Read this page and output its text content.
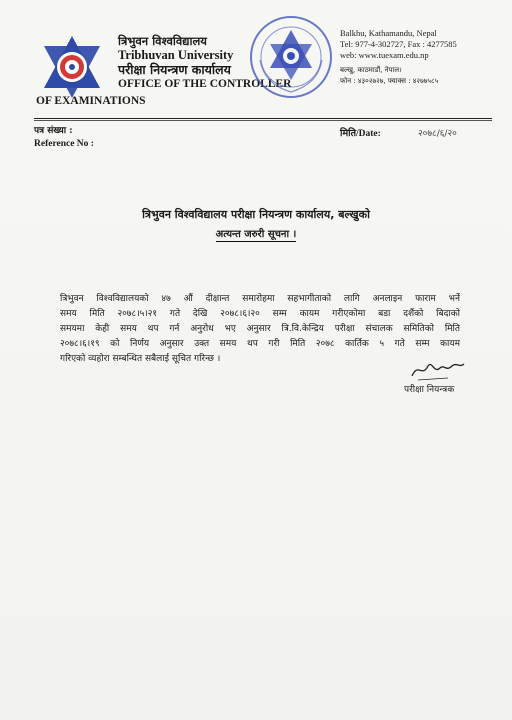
त्रिभुवन विश्वविद्यालय
Tribhuvan University
परीक्षा नियन्त्रण कार्यालय
OFFICE OF THE CONTROLLER
OF EXAMINATIONS
Balkhu, Kathamandu, Nepal
Tel: 977-4-302727, Fax : 4277585
web: www.tuexam.edu.np
बल्खु, काठमाडौं, नेपाल।
फोन : ४३०२७२७, फ्याक्स : ४२७७५८५
पत्र संख्या :
Reference No :
मिति/Date:	२०७८/६/२०
त्रिभुवन विश्वविद्यालय परीक्षा नियन्त्रण कार्यालय, बल्खुको
अत्यन्त जरुरी सूचना ।
त्रिभुवन विश्वविद्यालयको ४७ औं दीक्षान्त समारोहमा सहभागीताको लागि अनलाइन फाराम भर्ने
समय मिति २०७८।५।२१ गते देखि २०७८।६।२० सम्म कायम गरीएकोमा बडा दशैंको बिदाको
समयमा केही समय थप गर्न अनुरोध भए अनुसार त्रि.वि.केन्द्रिय परीक्षा संचालक समितिको मिति
२०७८।६।१९ को निर्णय अनुसार उक्त समय थप गरी मिति २०७८ कार्तिक ५ गते सम्म कायम
गरिएको व्यहोरा सम्बन्धित सबैलाई सूचित गरिन्छ ।
परीक्षा नियन्त्रक
